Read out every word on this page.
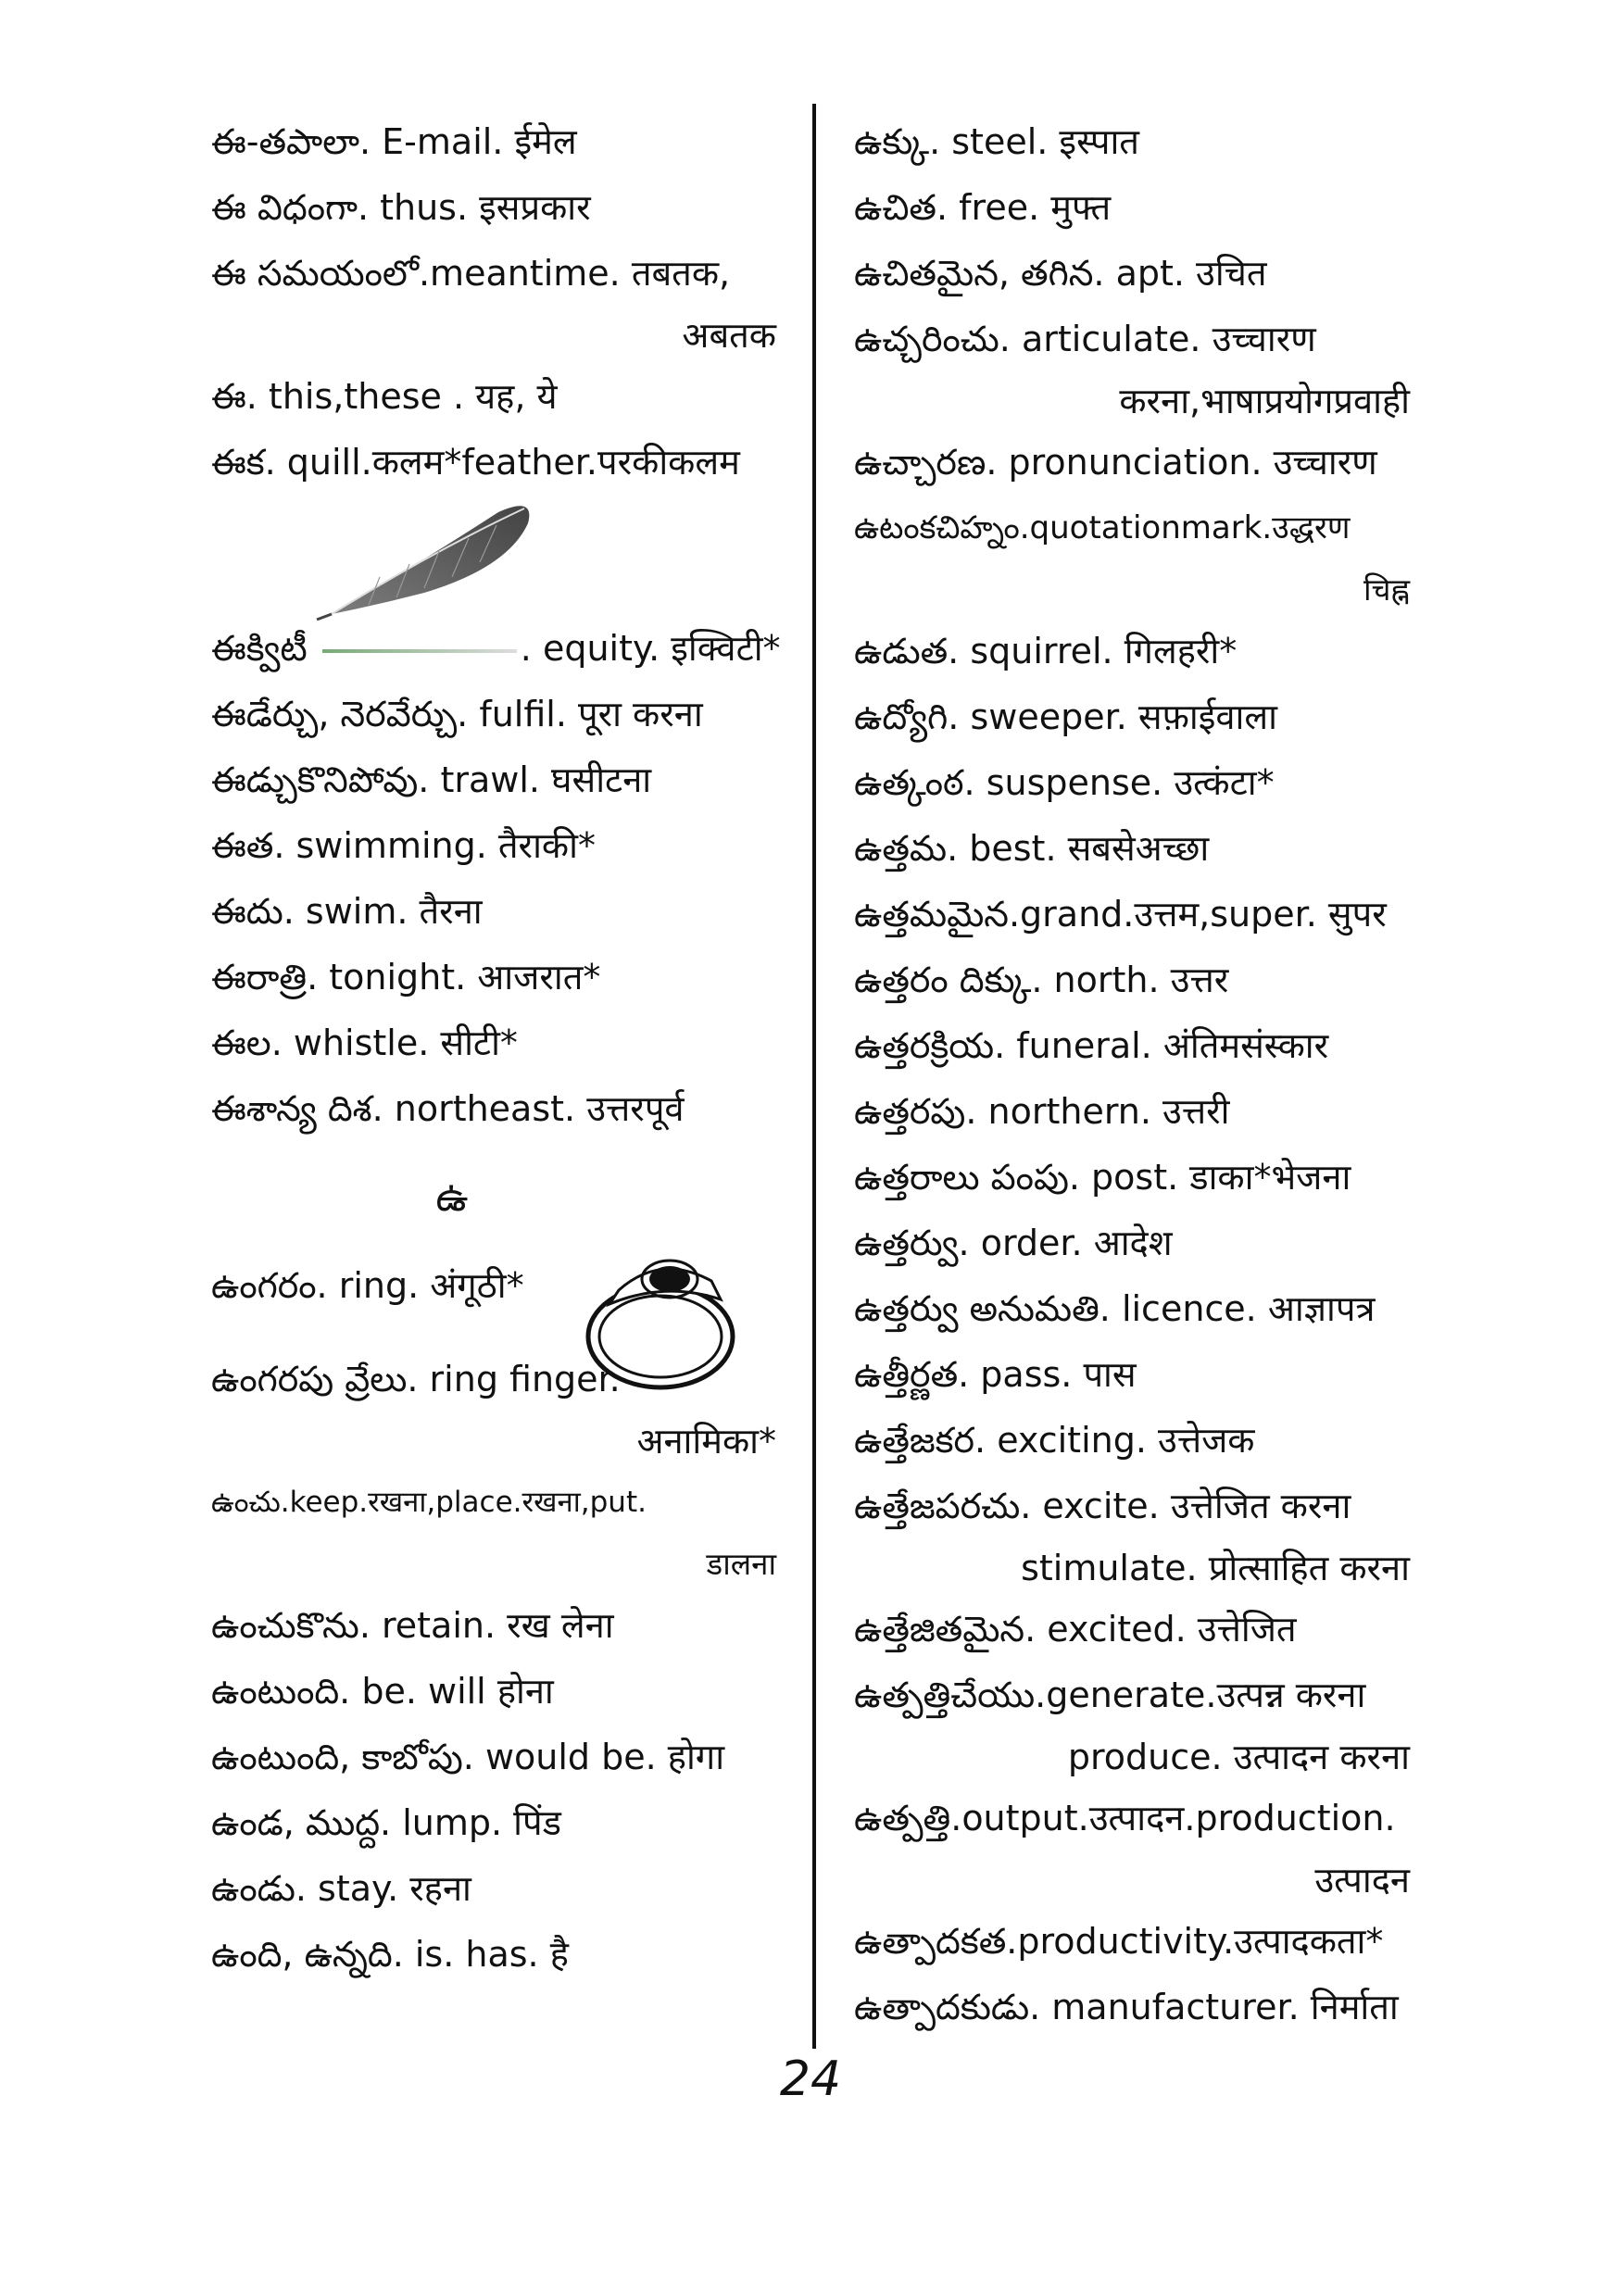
ఈ-తపాలా. E-mail. ईमेल
ఈ విధంగా. thus. इसप्रकार
ఈ సమయంలో.meantime. तबतक,
अबतक
ఈ. this,these . यह, ये
ఈక. quill.कलम*feather.परकीकलम
ఈక్విటీ	. equity. इक्विटी*
ఈడేర్చు, నెరవేర్చు. fulfil. पूरा करना
ఈడ్చుకొనిపోవు. trawl. घसीटना
ఈత. swimming. तैराकी*
ఈదు. swim. तैरना
ఈరాత్రి. tonight. आजरात*
ఈల. whistle. सीटी*
ఈశాన్య దిశ. northeast. उत्तरपूर्व
ఉ
ఉంగరం. ring. अंगूठी*
ఉంగరపు వ్రేలు. ring finger.
अनामिका*
ఉంచు.keep.रखना,place.रखना,put.
डालना
ఉంచుకొను. retain. रख लेना
ఉంటుంది. be. will होना
ఉంటుంది, కాబోపు. would be. होगा
ఉండ, ముద్ద. lump. पिंड
ఉండు. stay. रहना
ఉంది, ఉన్నది. is. has. है
ఉక్కు. steel. इस्पात
ఉచిత. free. मुफ्त
ఉచితమైన, తగిన. apt. उचित
ఉచ్చరించు. articulate. उच्चारण
करना,भाषाप्रयोगप्रवाही
ఉచ్చారణ. pronunciation. उच्चारण
ఉటంకచిహ్నం.quotationmark.उद्धरण
चिह्न
ఉడుత. squirrel. गिलहरी*
ఉద్యోగి. sweeper. सफ़ाईवाला
ఉత్కంఠ. suspense. उत्कंटा*
ఉత్తమ. best. सबसेअच्छा
ఉత్తమమైన.grand.उत्तम,super. सुपर
ఉత్తరం దిక్కు. north. उत्तर
ఉత్తరక్రియ. funeral. अंतिमसंस्कार
ఉత్తరపు. northern. उत्तरी
ఉత్తరాలు పంపు. post. डाका*भेजना
ఉత్తర్వు. order. आदेश
ఉత్తర్వు అనుమతి. licence. आज्ञापत्र
ఉత్తీర్ణత. pass. पास
ఉత్తేజకర. exciting. उत्तेजक
ఉత్తేజపరచు. excite. उत्तेजित करना
stimulate. प्रोत्साहित करना
ఉత్తేజితమైన. excited. उत्तेजित
ఉత్పత్తిచేయు.generate.उत्पन्न करना
produce. उत्पादन करना
ఉత్పత్తి.output.उत्पादन.production.
उत्पादन
ఉత్పాదకత.productivity.उत्पादकता*
ఉత్పాదకుడు. manufacturer. निर्माता
24
